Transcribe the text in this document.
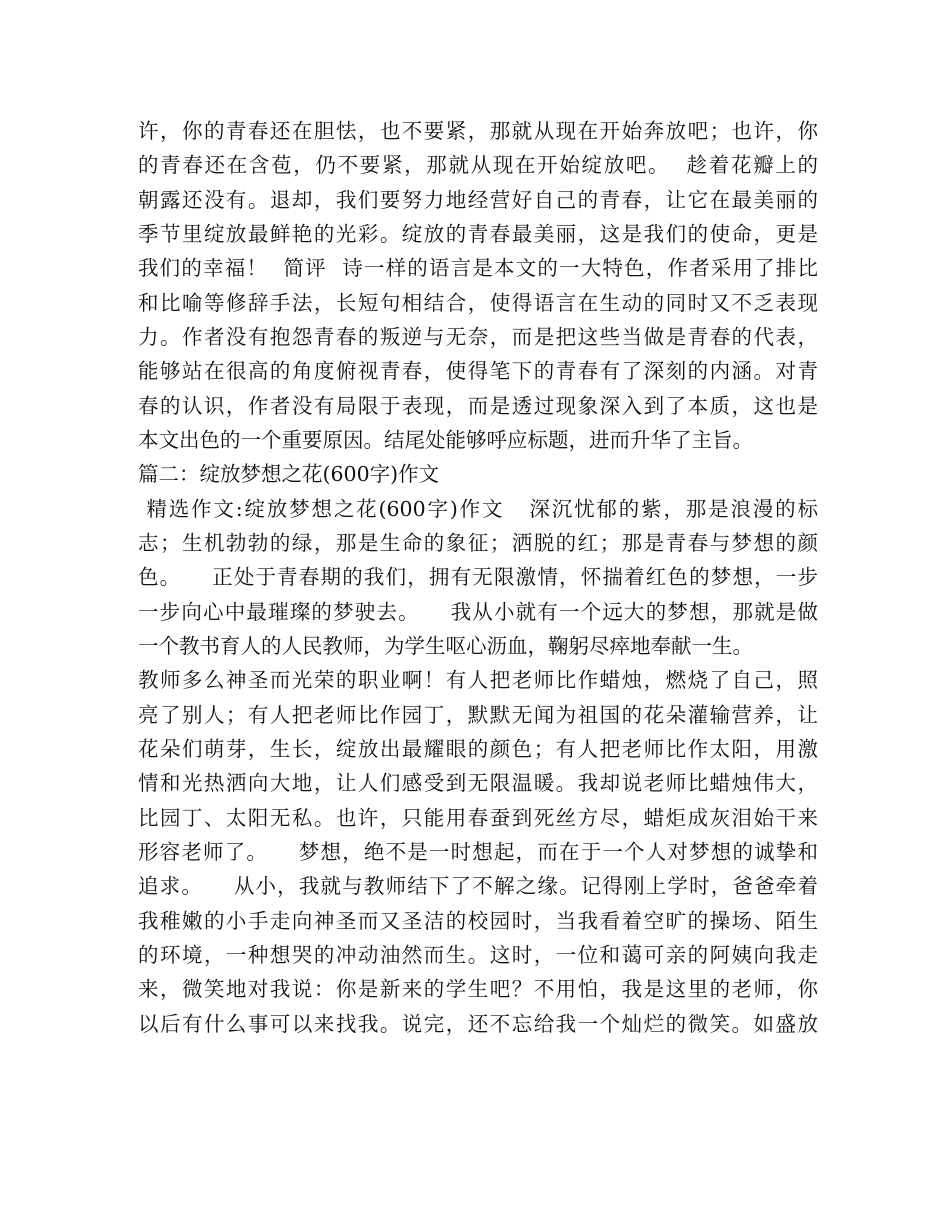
许，你的青春还在胆怯，也不要紧，那就从现在开始奔放吧；也许，你
的青春还在含苞，仍不要紧，那就从现在开始绽放吧。  趁着花瓣上的
朝露还没有。退却，我们要努力地经营好自己的青春，让它在最美丽的
季节里绽放最鲜艳的光彩。绽放的青春最美丽，这是我们的使命，更是
我们的幸福！  简评  诗一样的语言是本文的一大特色，作者采用了排比
和比喻等修辞手法，长短句相结合，使得语言在生动的同时又不乏表现
力。作者没有抱怨青春的叛逆与无奈，而是把这些当做是青春的代表，
能够站在很高的角度俯视青春，使得笔下的青春有了深刻的内涵。对青
春的认识，作者没有局限于表现，而是透过现象深入到了本质，这也是
本文出色的一个重要原因。结尾处能够呼应标题，进而升华了主旨。
篇二：绽放梦想之花(600字)作文
精选作文:绽放梦想之花(600字)作文   深沉忧郁的紫，那是浪漫的标
志；生机勃勃的绿，那是生命的象征；洒脱的红；那是青春与梦想的颜
色。    正处于青春期的我们，拥有无限激情，怀揣着红色的梦想，一步
一步向心中最璀璨的梦驶去。    我从小就有一个远大的梦想，那就是做
一个教书育人的人民教师，为学生呕心沥血，鞠躬尽瘁地奉献一生。
教师多么神圣而光荣的职业啊！有人把老师比作蜡烛，燃烧了自己，照
亮了别人；有人把老师比作园丁，默默无闻为祖国的花朵灌输营养，让
花朵们萌芽，生长，绽放出最耀眼的颜色；有人把老师比作太阳，用激
情和光热洒向大地，让人们感受到无限温暖。我却说老师比蜡烛伟大，
比园丁、太阳无私。也许，只能用春蚕到死丝方尽，蜡炬成灰泪始干来
形容老师了。    梦想，绝不是一时想起，而在于一个人对梦想的诚挚和
追求。    从小，我就与教师结下了不解之缘。记得刚上学时，爸爸牵着
我稚嫩的小手走向神圣而又圣洁的校园时，当我看着空旷的操场、陌生
的环境，一种想哭的冲动油然而生。这时，一位和蔼可亲的阿姨向我走
来，微笑地对我说：你是新来的学生吧？不用怕，我是这里的老师，你
以后有什么事可以来找我。说完，还不忘给我一个灿烂的微笑。如盛放
